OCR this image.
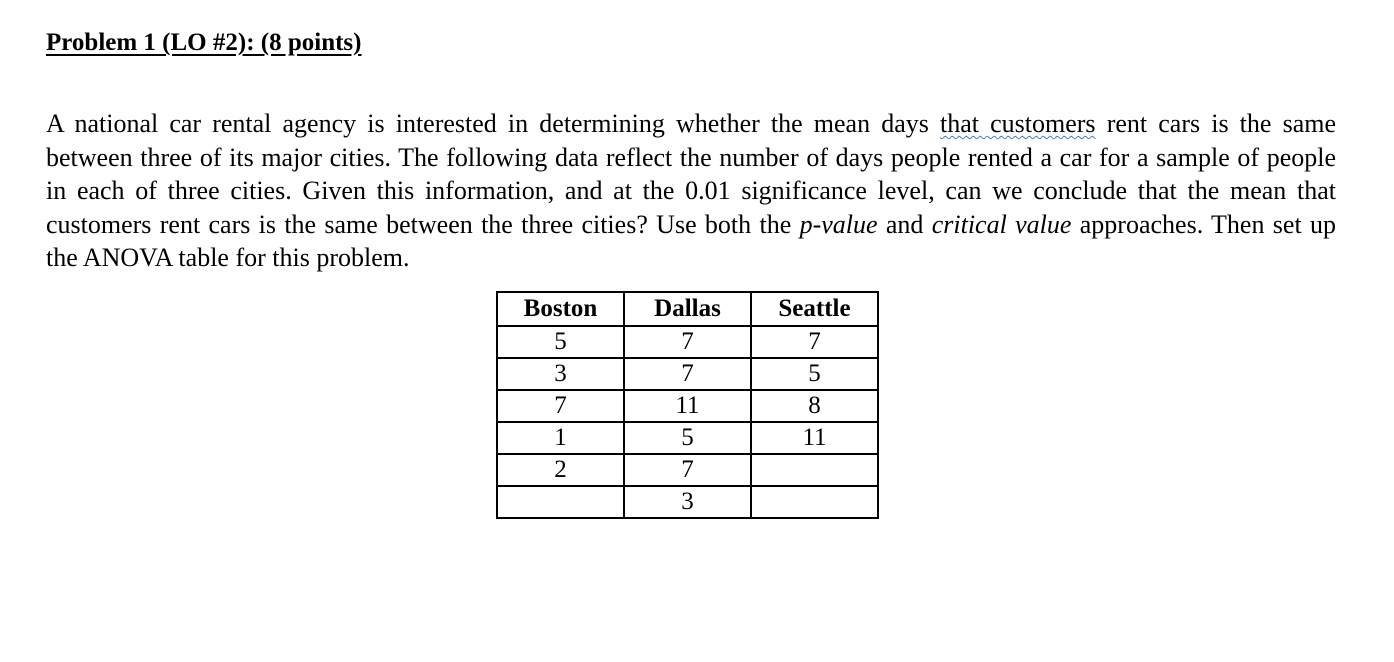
Problem 1 (LO #2): (8 points)
A national car rental agency is interested in determining whether the mean days that customers rent cars is the same between three of its major cities. The following data reflect the number of days people rented a car for a sample of people in each of three cities. Given this information, and at the 0.01 significance level, can we conclude that the mean that customers rent cars is the same between the three cities? Use both the p-value and critical value approaches. Then set up the ANOVA table for this problem.
Boston	Dallas	Seattle
5	7	7
3	7	5
7	11	8
1	5	11
2	7	
	3	
